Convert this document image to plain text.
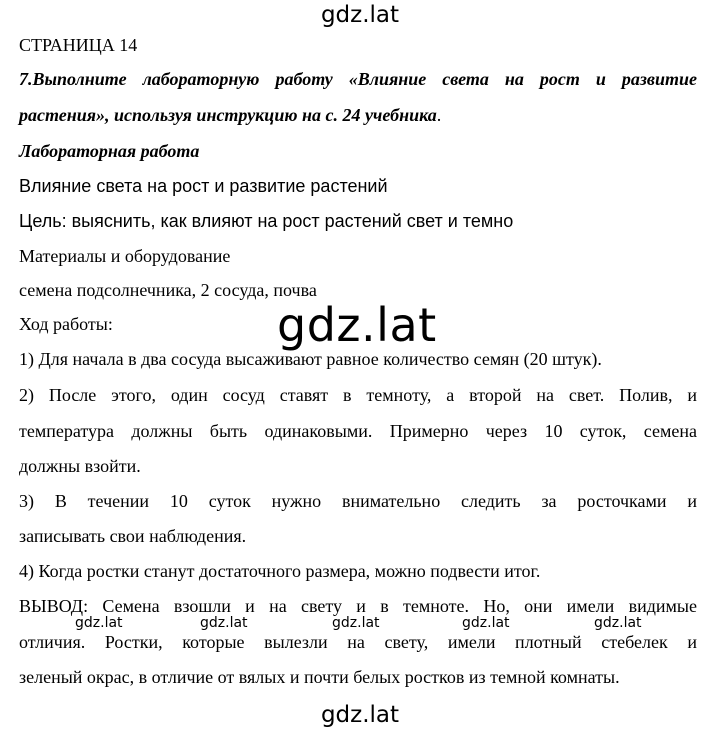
gdz.lat
gdz.lat
gdz.lat
gdz.lat	gdz.lat	gdz.lat	gdz.lat	gdz.lat
СТРАНИЦА 14
7.Выполните лабораторную работу «Влияние света на рост и развитие
растения», используя инструкцию на с. 24 учебника.
Лабораторная работа
Влияние света на рост и развитие растений
Цель: выяснить, как влияют на рост растений свет и темно
Материалы и оборудование
семена подсолнечника, 2 сосуда, почва
Ход работы:
1) Для начала в два сосуда высаживают равное количество семян (20 штук).
2) После этого, один сосуд ставят в темноту, а второй на свет. Полив, и
температура должны быть одинаковыми. Примерно через 10 суток, семена
должны взойти.
3) В течении 10 суток нужно внимательно следить за росточками и
записывать свои наблюдения.
4) Когда ростки станут достаточного размера, можно подвести итог.
ВЫВОД: Семена взошли и на свету и в темноте. Но, они имели видимые
отличия. Ростки, которые вылезли на свету, имели плотный стебелек и
зеленый окрас, в отличие от вялых и почти белых ростков из темной комнаты.
